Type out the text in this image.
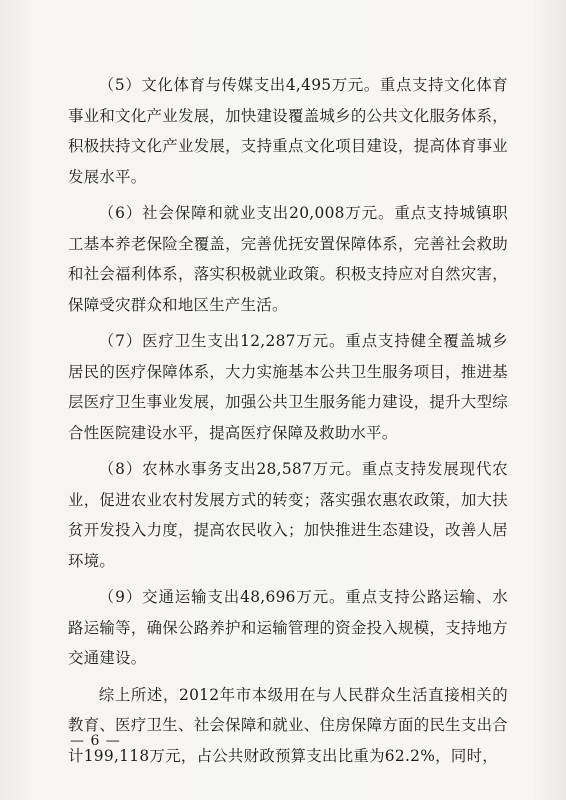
（5）文化体育与传媒支出4,495万元。重点支持文化体育事业和文化产业发展，加快建设覆盖城乡的公共文化服务体系，积极扶持文化产业发展，支持重点文化项目建设，提高体育事业发展水平。

（6）社会保障和就业支出20,008万元。重点支持城镇职工基本养老保险全覆盖，完善优抚安置保障体系，完善社会救助和社会福利体系，落实积极就业政策。积极支持应对自然灾害，保障受灾群众和地区生产生活。

（7）医疗卫生支出12,287万元。重点支持健全覆盖城乡居民的医疗保障体系，大力实施基本公共卫生服务项目，推进基层医疗卫生事业发展，加强公共卫生服务能力建设，提升大型综合性医院建设水平，提高医疗保障及救助水平。

（8）农林水事务支出28,587万元。重点支持发展现代农业，促进农业农村发展方式的转变；落实强农惠农政策，加大扶贫开发投入力度，提高农民收入；加快推进生态建设，改善人居环境。

（9）交通运输支出48,696万元。重点支持公路运输、水路运输等，确保公路养护和运输管理的资金投入规模，支持地方交通建设。

综上所述，2012年市本级用在与人民群众生活直接相关的教育、医疗卫生、社会保障和就业、住房保障方面的民生支出合计199,118万元，占公共财政预算支出比重为62.2%，同时，

— 6 —
